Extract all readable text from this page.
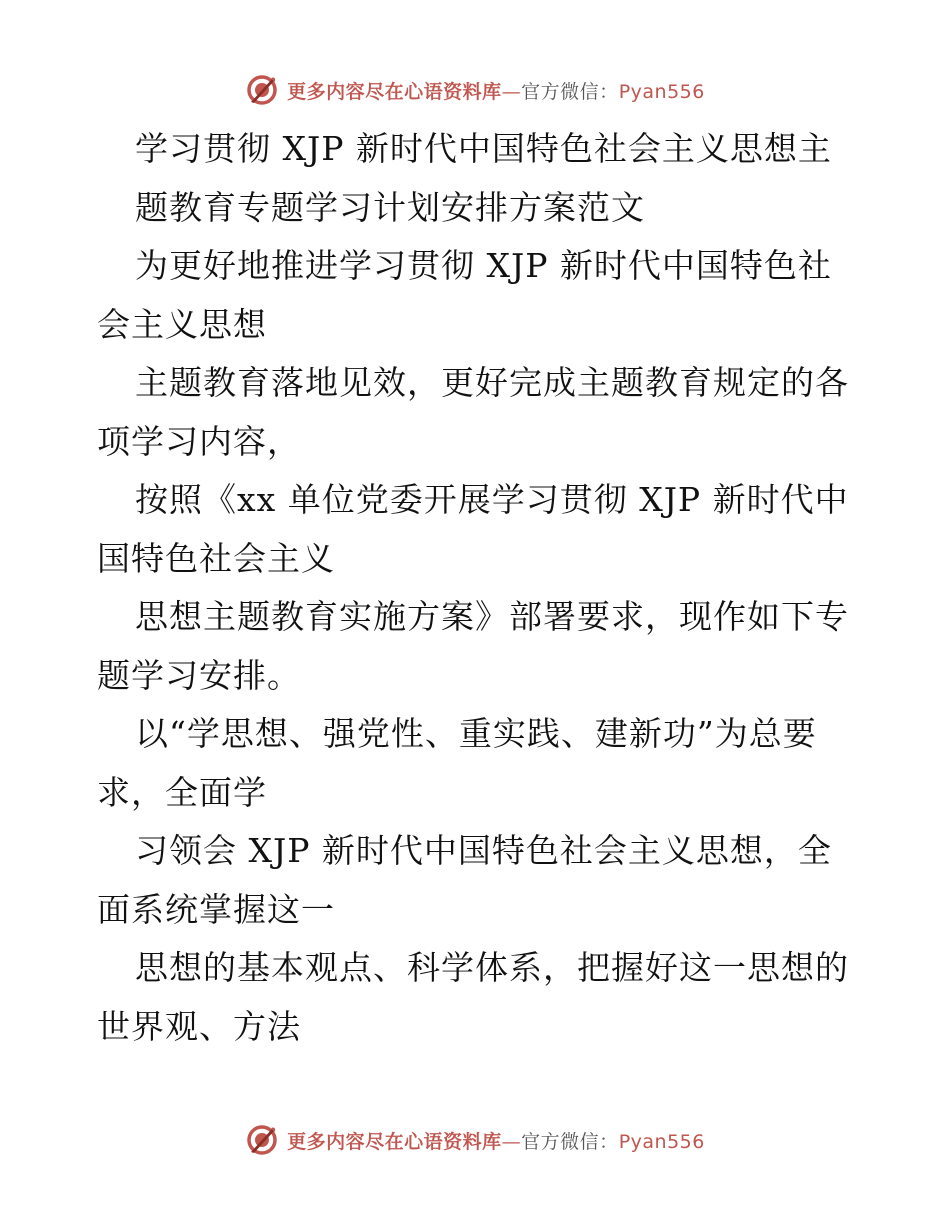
更多内容尽在心语资料库—官方微信：Pyan556
学习贯彻 XJP 新时代中国特色社会主义思想主
题教育专题学习计划安排方案范文
为更好地推进学习贯彻 XJP 新时代中国特色社
会主义思想
主题教育落地见效，更好完成主题教育规定的各
项学习内容，
按照《xx 单位党委开展学习贯彻 XJP 新时代中
国特色社会主义
思想主题教育实施方案》部署要求，现作如下专
题学习安排。
以“学思想、强党性、重实践、建新功”为总要
求，全面学
习领会 XJP 新时代中国特色社会主义思想，全
面系统掌握这一
思想的基本观点、科学体系，把握好这一思想的
世界观、方法
更多内容尽在心语资料库—官方微信：Pyan556
